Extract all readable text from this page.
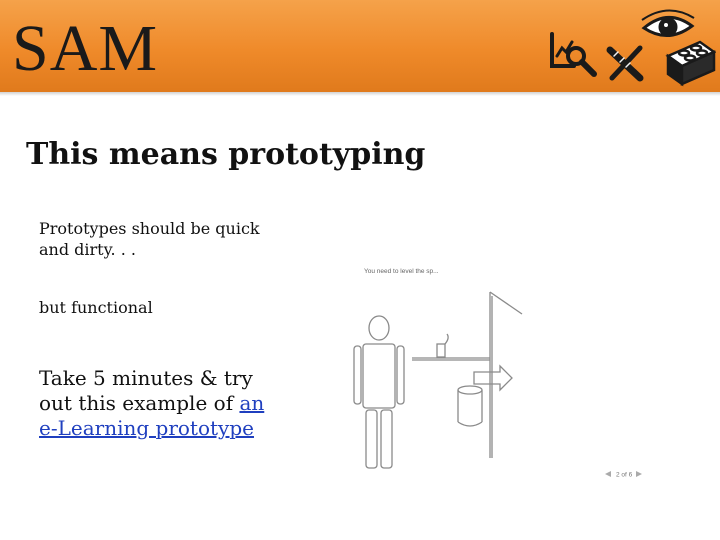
SAM
This means prototyping
Prototypes should be quick and dirty. . .
but functional
Take 5 minutes & try out this example of an e-Learning prototype
You need to level the sp...
2 of 6
